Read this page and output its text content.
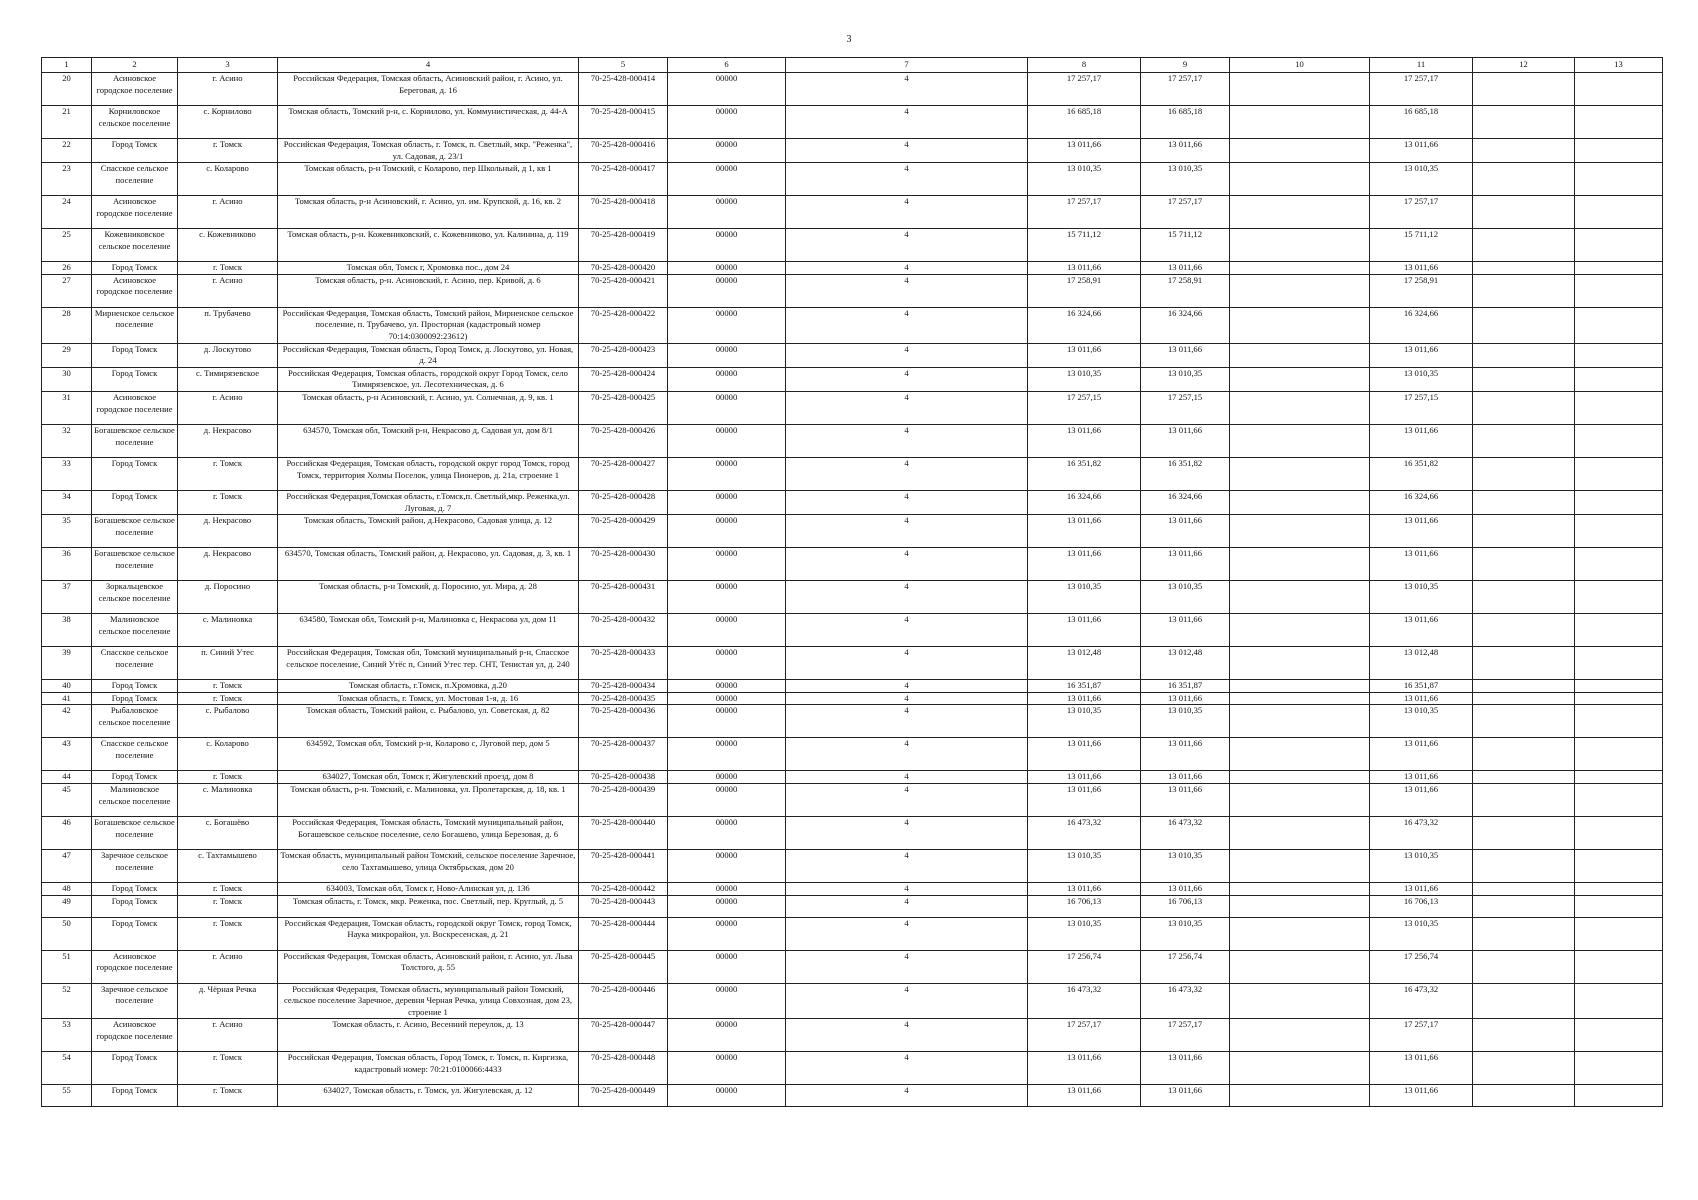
3
1	2	3	4	5	6	7	8	9	10	11	12	13
20	Асиновское городское поселение	г. Асино	Российская Федерация, Томская область, Асиновский район, г. Асино, ул. Береговая, д. 16	70-25-428-000414	00000	4	17 257,17	17 257,17		17 257,17		
21	Корниловское сельское поселение	с. Корнилово	Томская область, Томский р-н, с. Корнилово, ул. Коммунистическая, д. 44-А	70-25-428-000415	00000	4	16 685,18	16 685,18		16 685,18		
22	Город Томск	г. Томск	Российская Федерация, Томская область, г. Томск, п. Светлый, мкр. "Реженка", ул. Садовая, д. 23/1	70-25-428-000416	00000	4	13 011,66	13 011,66		13 011,66		
23	Спасское сельское поселение	с. Коларово	Томская область, р-н Томский, с Коларово, пер Школьный, д 1, кв 1	70-25-428-000417	00000	4	13 010,35	13 010,35		13 010,35		
24	Асиновское городское поселение	г. Асино	Томская область, р-н Асиновский, г. Асино, ул. им. Крупской, д. 16, кв. 2	70-25-428-000418	00000	4	17 257,17	17 257,17		17 257,17		
25	Кожевниковское сельское поселение	с. Кожевниково	Томская область, р-н. Кожевниковский, с. Кожевниково, ул. Калинина, д. 119	70-25-428-000419	00000	4	15 711,12	15 711,12		15 711,12		
26	Город Томск	г. Томск	Томская обл, Томск г, Хромовка пос., дом 24	70-25-428-000420	00000	4	13 011,66	13 011,66		13 011,66		
27	Асиновское городское поселение	г. Асино	Томская область, р-н. Асиновский, г. Асино, пер. Кривой, д. 6	70-25-428-000421	00000	4	17 258,91	17 258,91		17 258,91		
28	Мирненское сельское поселение	п. Трубачево	Российская Федерация, Томская область, Томский район, Мирненское сельское поселение, п. Трубачево, ул. Просторная (кадастровый номер 70:14:0300092:23612)	70-25-428-000422	00000	4	16 324,66	16 324,66		16 324,66		
29	Город Томск	д. Лоскутово	Российская Федерация, Томская область, Город Томск, д. Лоскутово, ул. Новая, д. 24	70-25-428-000423	00000	4	13 011,66	13 011,66		13 011,66		
30	Город Томск	с. Тимирязевское	Российская Федерация, Томская область, городской округ Город Томск, село Тимирязевское, ул. Лесотехническая, д. 6	70-25-428-000424	00000	4	13 010,35	13 010,35		13 010,35		
31	Асиновское городское поселение	г. Асино	Томская область, р-н Асиновский, г. Асино, ул. Солнечная, д. 9, кв. 1	70-25-428-000425	00000	4	17 257,15	17 257,15		17 257,15		
32	Богашевское сельское поселение	д. Некрасово	634570, Томская обл, Томский р-н, Некрасово д, Садовая ул, дом 8/1	70-25-428-000426	00000	4	13 011,66	13 011,66		13 011,66		
33	Город Томск	г. Томск	Российская Федерация, Томская область, городской округ город Томск, город Томск, территория Холмы Поселок, улица Пионеров, д. 21а, строение 1	70-25-428-000427	00000	4	16 351,82	16 351,82		16 351,82		
34	Город Томск	г. Томск	Российская Федерация,Томская область, г.Томск,п. Светлый,мкр. Реженка,ул. Луговая, д. 7	70-25-428-000428	00000	4	16 324,66	16 324,66		16 324,66		
35	Богашевское сельское поселение	д. Некрасово	Томская область, Томский район, д.Некрасово, Садовая улица, д. 12	70-25-428-000429	00000	4	13 011,66	13 011,66		13 011,66		
36	Богашевское сельское поселение	д. Некрасово	634570, Томская область, Томский район, д. Некрасово, ул. Садовая, д. 3, кв. 1	70-25-428-000430	00000	4	13 011,66	13 011,66		13 011,66		
37	Зоркальцевское сельское поселение	д. Поросино	Томская область, р-н Томский, д. Поросино, ул. Мира, д. 28	70-25-428-000431	00000	4	13 010,35	13 010,35		13 010,35		
38	Малиновское сельское поселение	с. Малиновка	634580, Томская обл, Томский р-н, Малиновка с, Некрасова ул, дом 11	70-25-428-000432	00000	4	13 011,66	13 011,66		13 011,66		
39	Спасское сельское поселение	п. Синий Утес	Российская Федерация, Томская обл, Томский муниципальный р-н, Спасское сельское поселение, Синий Утёс п, Синий Утес тер. СНТ, Тенистая ул, д. 240	70-25-428-000433	00000	4	13 012,48	13 012,48		13 012,48		
40	Город Томск	г. Томск	Томская область, г.Томск, п.Хромовка, д.20	70-25-428-000434	00000	4	16 351,87	16 351,87		16 351,87		
41	Город Томск	г. Томск	Томская область, г. Томск, ул. Мостовая 1-я, д. 16	70-25-428-000435	00000	4	13 011,66	13 011,66		13 011,66		
42	Рыбаловское сельское поселение	с. Рыбалово	Томская область, Томский район, с. Рыбалово, ул. Советская, д. 82	70-25-428-000436	00000	4	13 010,35	13 010,35		13 010,35		
43	Спасское сельское поселение	с. Коларово	634592, Томская обл, Томский р-н, Коларово с, Луговой пер, дом 5	70-25-428-000437	00000	4	13 011,66	13 011,66		13 011,66		
44	Город Томск	г. Томск	634027, Томская обл, Томск г, Жигулевский проезд, дом 8	70-25-428-000438	00000	4	13 011,66	13 011,66		13 011,66		
45	Малиновское сельское поселение	с. Малиновка	Томская область, р-н. Томский, с. Малиновка, ул. Пролетарская, д. 18, кв. 1	70-25-428-000439	00000	4	13 011,66	13 011,66		13 011,66		
46	Богашевское сельское поселение	с. Богашёво	Российская Федерация, Томская область, Томский муниципальный район, Богашевское сельское поселение, село Богашево, улица Березовая, д. 6	70-25-428-000440	00000	4	16 473,32	16 473,32		16 473,32		
47	Заречное сельское поселение	с. Тахтамышево	Томская область, муниципальный район Томский, сельское поселение Заречное, село Тахтамышево, улица Октябрьская, дом 20	70-25-428-000441	00000	4	13 010,35	13 010,35		13 010,35		
48	Город Томск	г. Томск	634003, Томская обл, Томск г, Ново-Алинская ул, д. 136	70-25-428-000442	00000	4	13 011,66	13 011,66		13 011,66		
49	Город Томск	г. Томск	Томская область, г. Томск, мкр. Реженка, пос. Светлый, пер. Круглый, д. 5	70-25-428-000443	00000	4	16 706,13	16 706,13		16 706,13		
50	Город Томск	г. Томск	Российская Федерация, Томская область, городской округ Томск, город Томск, Наука микрорайон, ул. Воскресенская, д. 21	70-25-428-000444	00000	4	13 010,35	13 010,35		13 010,35		
51	Асиновское городское поселение	г. Асино	Российская Федерация, Томская область, Асиновский район, г. Асино, ул. Льва Толстого, д. 55	70-25-428-000445	00000	4	17 256,74	17 256,74		17 256,74		
52	Заречное сельское поселение	д. Чёрная Речка	Российская Федерация, Томская область, муниципальный район Томский, сельское поселение Заречное, деревня Черная Речка, улица Совхозная, дом 23, строение 1	70-25-428-000446	00000	4	16 473,32	16 473,32		16 473,32		
53	Асиновское городское поселение	г. Асино	Томская область, г. Асино, Весенний переулок, д. 13	70-25-428-000447	00000	4	17 257,17	17 257,17		17 257,17		
54	Город Томск	г. Томск	Российская Федерация, Томская область, Город Томск, г. Томск, п. Киргизка, кадастровый номер: 70:21:0100066:4433	70-25-428-000448	00000	4	13 011,66	13 011,66		13 011,66		
55	Город Томск	г. Томск	634027, Томская область, г. Томск, ул. Жигулевская, д. 12	70-25-428-000449	00000	4	13 011,66	13 011,66		13 011,66		
